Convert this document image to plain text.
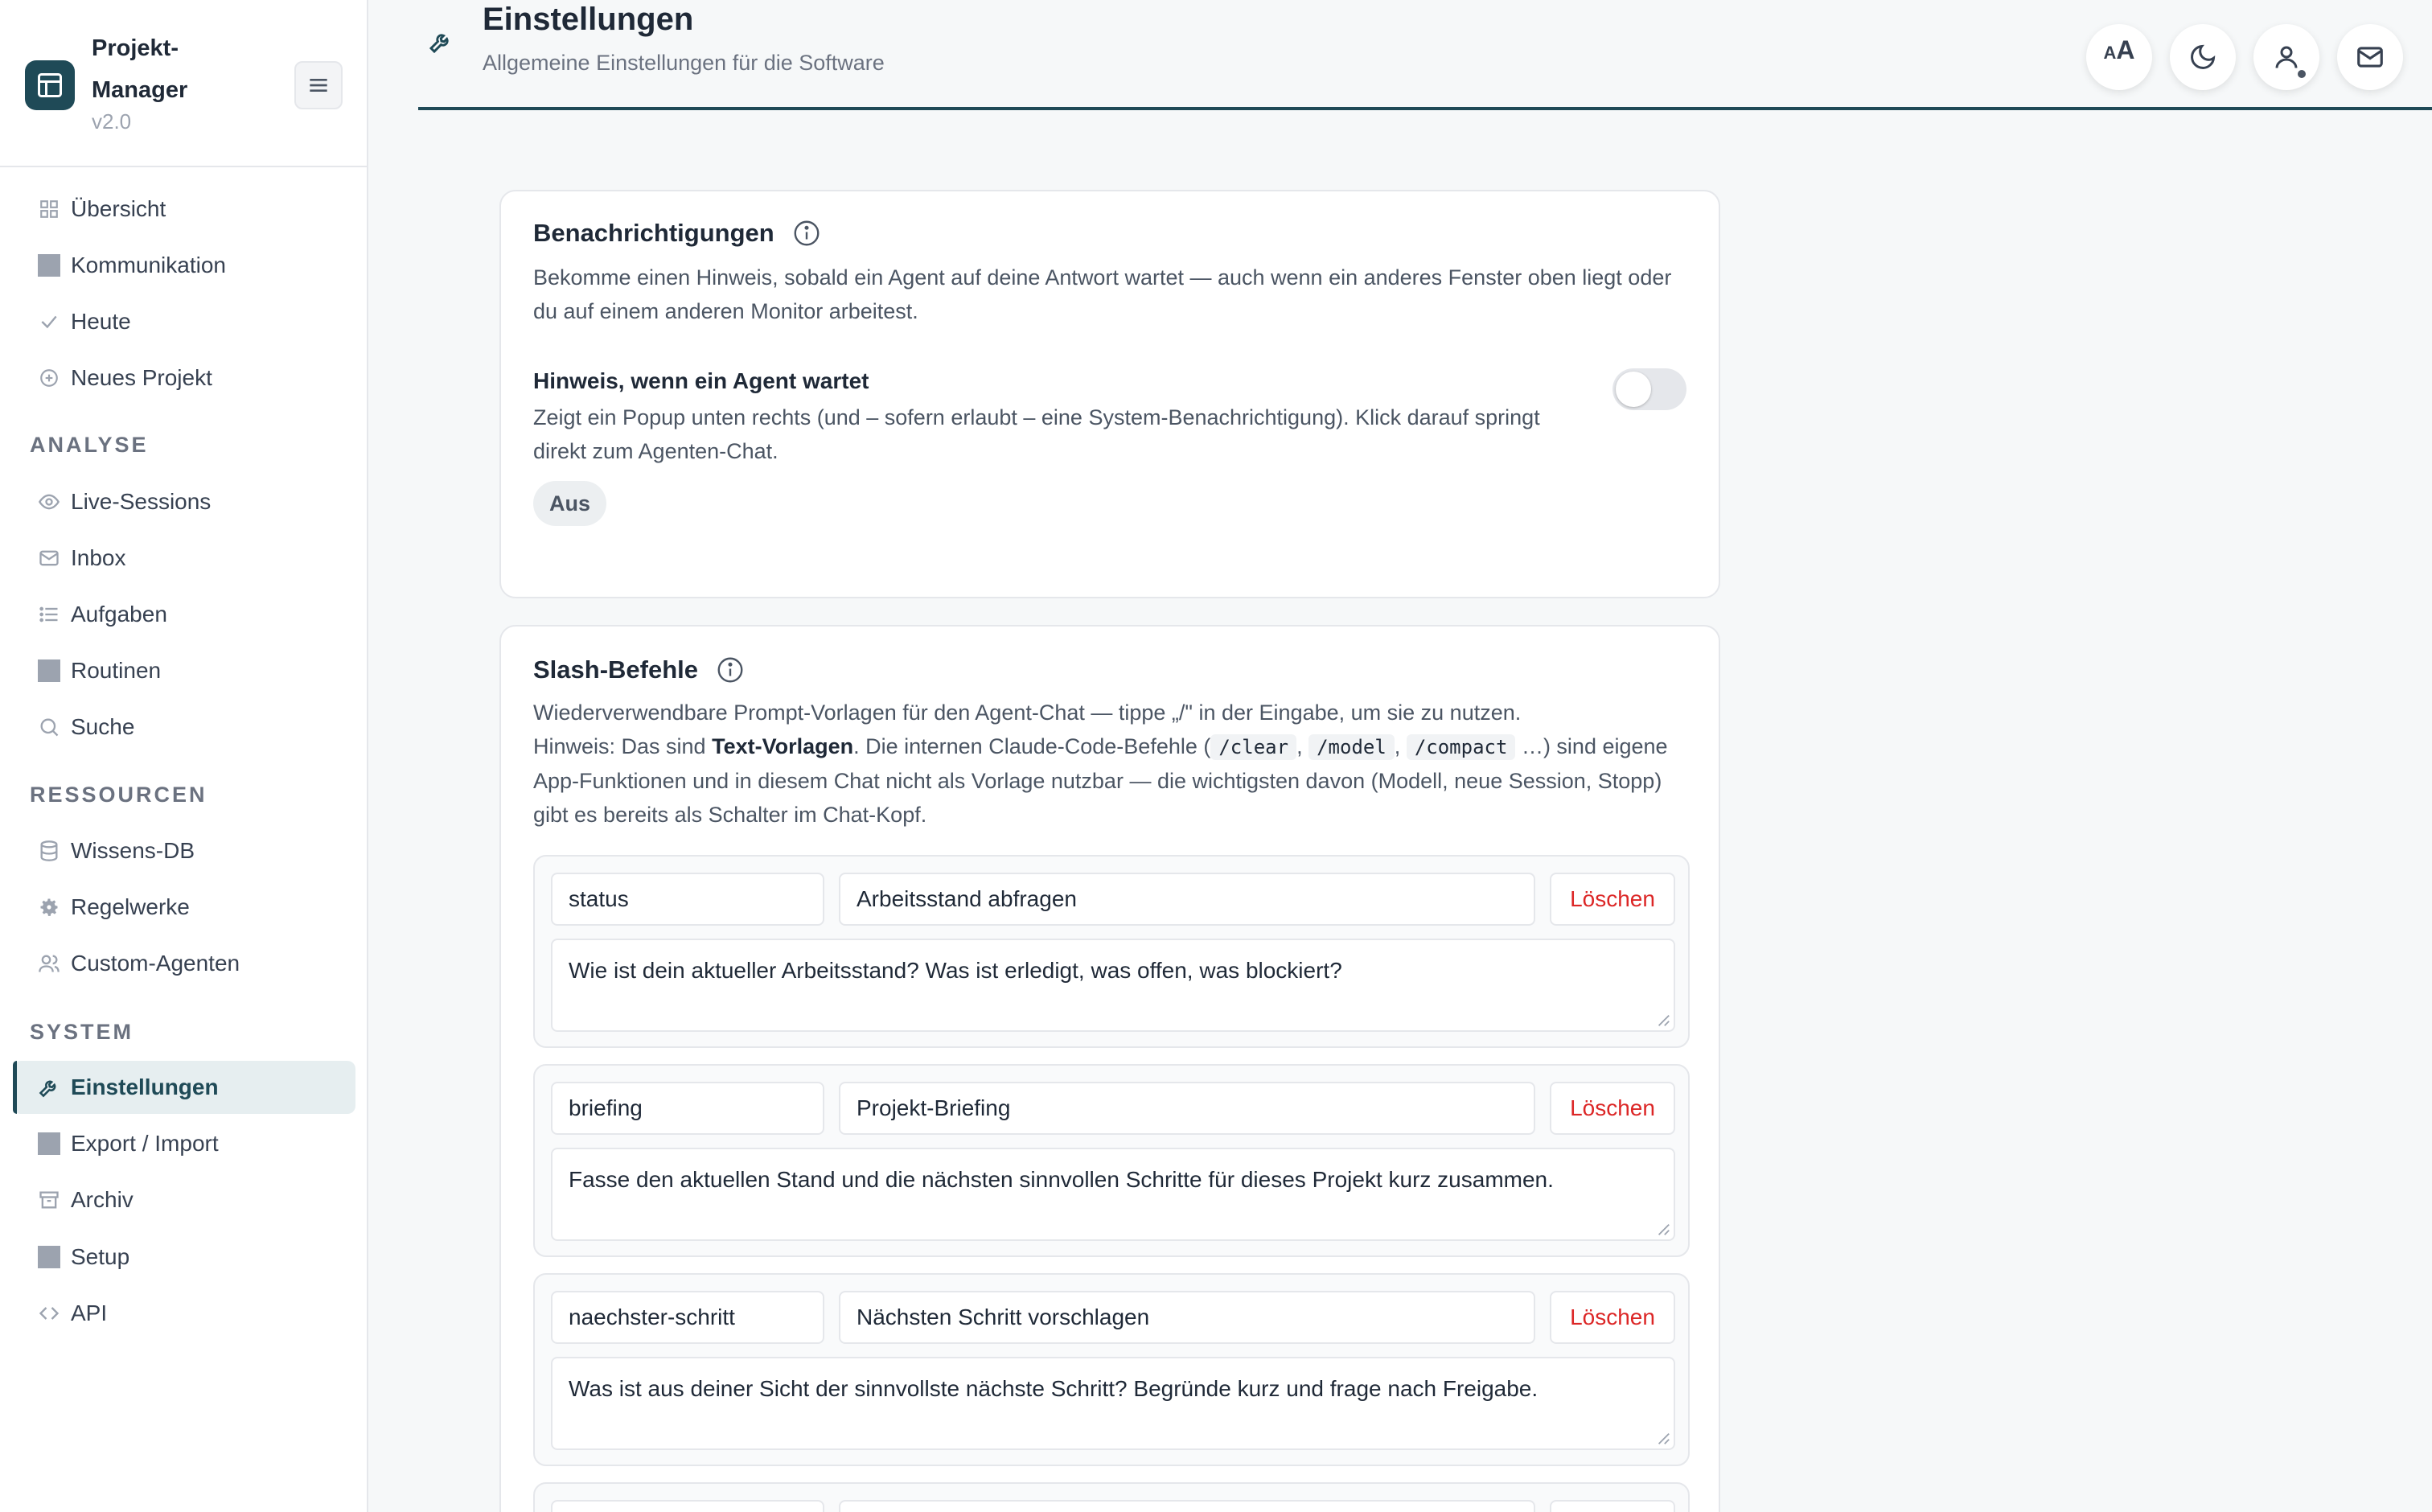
Projekt-Manager
v2.0
Übersicht
Kommunikation
Heute
Neues Projekt
ANALYSE
Live-Sessions
Inbox
Aufgaben
Routinen
Suche
RESSOURCEN
Wissens-DB
Regelwerke
Custom-Agenten
SYSTEM
Einstellungen
Export / Import
Archiv
Setup
API
Einstellungen
Allgemeine Einstellungen für die Software	AA
Benachrichtigungen

Bekomme einen Hinweis, sobald ein Agent auf deine Antwort wartet — auch wenn ein anderes Fenster oben liegt oder du auf einem anderen Monitor arbeitest.

Hinweis, wenn ein Agent wartet

Zeigt ein Popup unten rechts (und – sofern erlaubt – eine System-Benachrichtigung). Klick darauf springt direkt zum Agenten-Chat.

Aus
Slash-Befehle
Wiederverwendbare Prompt-Vorlagen für den Agent-Chat — tippe „/" in der Eingabe, um sie zu nutzen.
Hinweis: Das sind Text-Vorlagen. Die internen Claude-Code-Befehle ( /clear , /model , /compact …) sind eigene App-Funktionen und in diesem Chat nicht als Vorlage nutzbar — die wichtigsten davon (Modell, neue Session, Stopp) gibt es bereits als Schalter im Chat-Kopf.
status	Arbeitsstand abfragen	Löschen
Wie ist dein aktueller Arbeitsstand? Was ist erledigt, was offen, was blockiert?
briefing	Projekt-Briefing	Löschen
Fasse den aktuellen Stand und die nächsten sinnvollen Schritte für dieses Projekt kurz zusammen.
naechster-schritt	Nächsten Schritt vorschlagen	Löschen
Was ist aus deiner Sicht der sinnvollste nächste Schritt? Begründe kurz und frage nach Freigabe.
